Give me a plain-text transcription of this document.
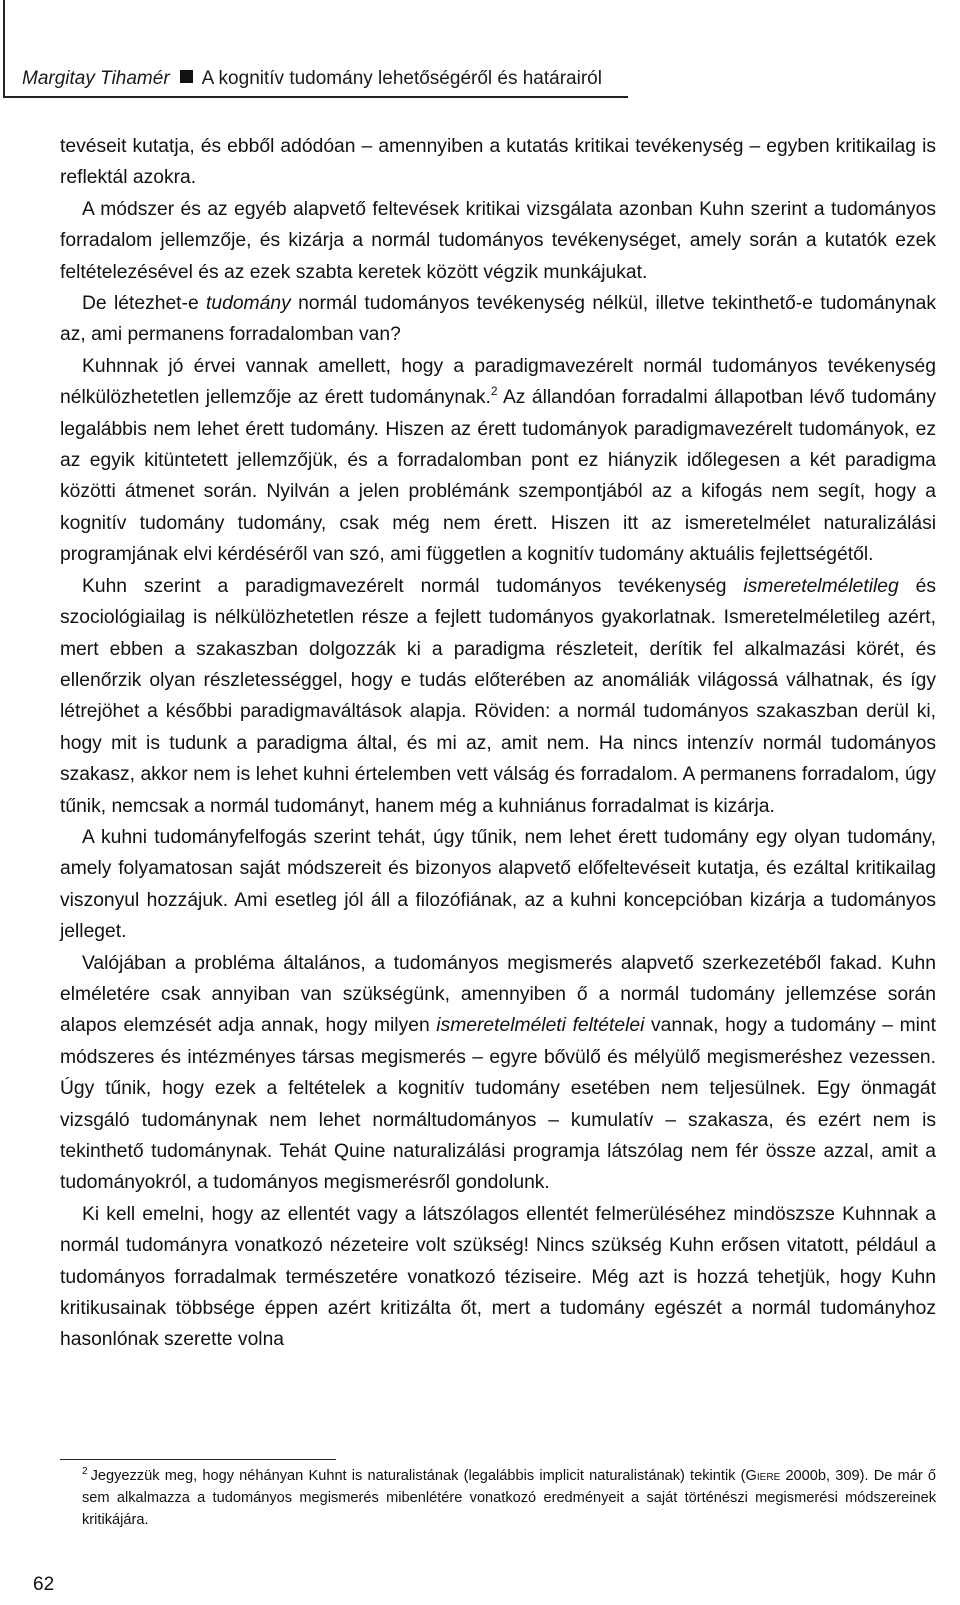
Margitay Tihamér A kognitív tudomány lehetőségéről és határairól

tevéseit kutatja, és ebből adódóan – amennyiben a kutatás kritikai tevékenység – egyben kritikailag is reflektál azokra.

A módszer és az egyéb alapvető feltevések kritikai vizsgálata azonban Kuhn szerint a tudományos forradalom jellemzője, és kizárja a normál tudományos tevékenységet, amely során a kutatók ezek feltételezésével és az ezek szabta keretek között végzik munkájukat.

De létezhet-e tudomány normál tudományos tevékenység nélkül, illetve tekinthető-e tudománynak az, ami permanens forradalomban van?

Kuhnnak jó érvei vannak amellett, hogy a paradigmavezérelt normál tudományos tevékenység nélkülözhetetlen jellemzője az érett tudománynak.$^2$ Az állandóan forradalmi állapotban lévő tudomány legalábbis nem lehet érett tudomány. Hiszen az érett tudományok paradigmavezérelt tudományok, ez az egyik kitüntetett jellemzőjük, és a forradalomban pont ez hiányzik időlegesen a két paradigma közötti átmenet során. Nyilván a jelen problémánk szempontjából az a kifogás nem segít, hogy a kognitív tudomány tudomány, csak még nem érett. Hiszen itt az ismeretelmélet naturalizálási programjának elvi kérdéséről van szó, ami független a kognitív tudomány aktuális fejlettségétől.

Kuhn szerint a paradigmavezérelt normál tudományos tevékenység ismeretelméletileg és szociológiailag is nélkülözhetetlen része a fejlett tudományos gyakorlatnak. Ismeretelméletileg azért, mert ebben a szakaszban dolgozzák ki a paradigma részleteit, derítik fel alkalmazási körét, és ellenőrzik olyan részletességgel, hogy e tudás előterében az anomáliák világossá válhatnak, és így létrejöhet a későbbi paradigmaváltások alapja. Röviden: a normál tudományos szakaszban derül ki, hogy mit is tudunk a paradigma által, és mi az, amit nem. Ha nincs intenzív normál tudományos szakasz, akkor nem is lehet kuhni értelemben vett válság és forradalom. A permanens forradalom, úgy tűnik, nemcsak a normál tudományt, hanem még a kuhniánus forradalmat is kizárja.

A kuhni tudományfelfogás szerint tehát, úgy tűnik, nem lehet érett tudomány egy olyan tudomány, amely folyamatosan saját módszereit és bizonyos alapvető előfeltevéseit kutatja, és ezáltal kritikailag viszonyul hozzájuk. Ami esetleg jól áll a filozófiának, az a kuhni koncepcióban kizárja a tudományos jelleget.

Valójában a probléma általános, a tudományos megismerés alapvető szerkezetéből fakad. Kuhn elméletére csak annyiban van szükségünk, amennyiben ő a normál tudomány jellemzése során alapos elemzését adja annak, hogy milyen ismeretelméleti feltételei vannak, hogy a tudomány – mint módszeres és intézményes társas megismerés – egyre bővülő és mélyülő megismeréshez vezessen. Úgy tűnik, hogy ezek a feltételek a kognitív tudomány esetében nem teljesülnek. Egy önmagát vizsgáló tudománynak nem lehet normáltudományos – kumulatív – szakasza, és ezért nem is tekinthető tudománynak. Tehát Quine naturalizálási programja látszólag nem fér össze azzal, amit a tudományokról, a tudományos megismerésről gondolunk.

Ki kell emelni, hogy az ellentét vagy a látszólagos ellentét felmerüléséhez mindöszsze Kuhnnak a normál tudományra vonatkozó nézeteire volt szükség! Nincs szükség Kuhn erősen vitatott, például a tudományos forradalmak természetére vonatkozó téziseire. Még azt is hozzá tehetjük, hogy Kuhn kritikusainak többsége éppen azért kritizálta őt, mert a tudomány egészét a normál tudományhoz hasonlónak szerette volna

$^2$ Jegyezzük meg, hogy néhányan Kuhnt is naturalistának (legalábbis implicit naturalistának) tekintik (Giere 2000b, 309). De már ő sem alkalmazza a tudományos megismerés mibenlétére vonatkozó eredményeit a saját történészi megismerési módszereinek kritikájára.
62
